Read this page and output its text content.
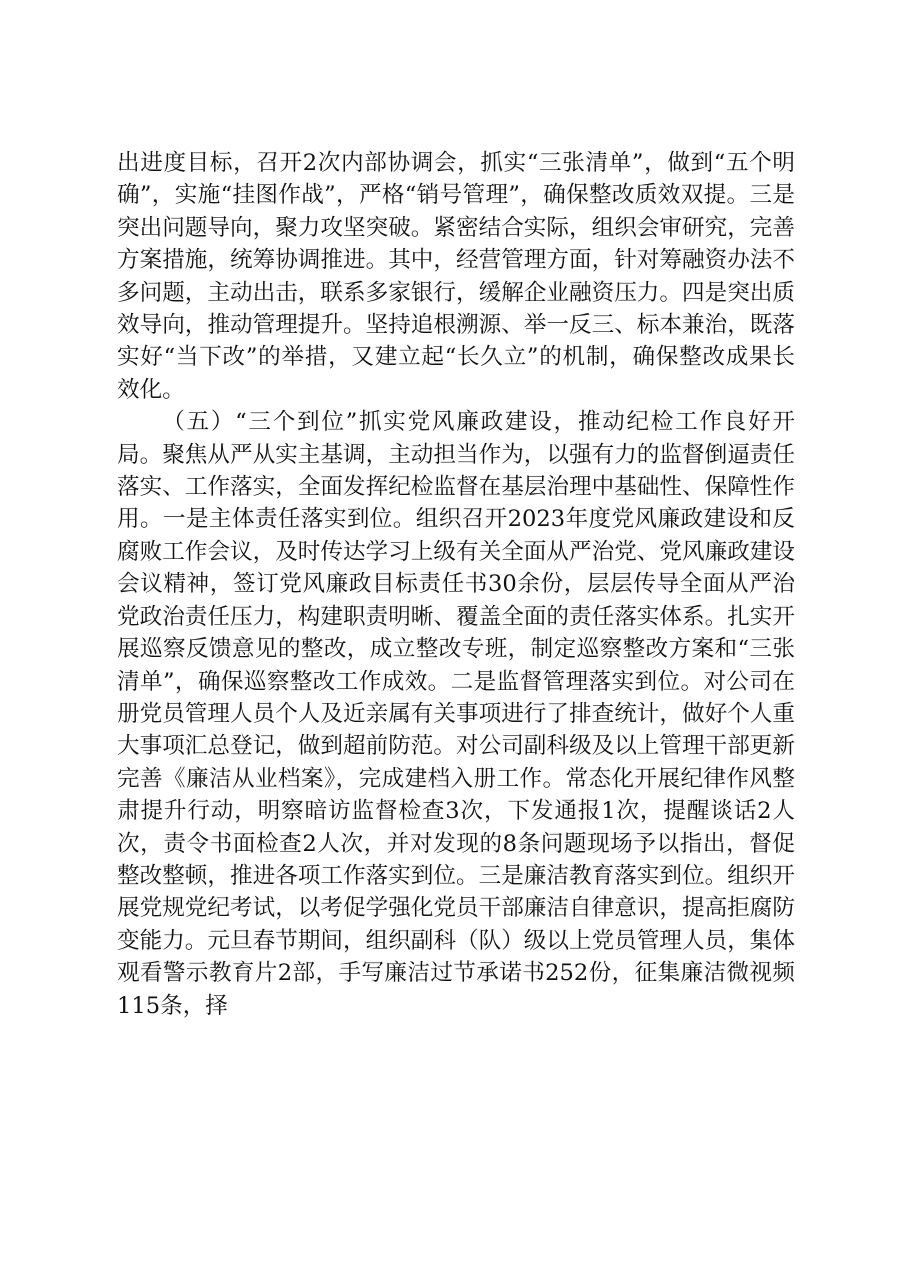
出进度目标，召开2次内部协调会，抓实“三张清单”，做到“五个明确”，实施“挂图作战”，严格“销号管理”，确保整改质效双提。三是突出问题导向，聚力攻坚突破。紧密结合实际，组织会审研究，完善方案措施，统筹协调推进。其中，经营管理方面，针对筹融资办法不多问题，主动出击，联系多家银行，缓解企业融资压力。四是突出质效导向，推动管理提升。坚持追根溯源、举一反三、标本兼治，既落实好“当下改”的举措，又建立起“长久立”的机制，确保整改成果长效化。

（五）“三个到位”抓实党风廉政建设，推动纪检工作良好开局。聚焦从严从实主基调，主动担当作为，以强有力的监督倒逼责任落实、工作落实，全面发挥纪检监督在基层治理中基础性、保障性作用。一是主体责任落实到位。组织召开2023年度党风廉政建设和反腐败工作会议，及时传达学习上级有关全面从严治党、党风廉政建设会议精神，签订党风廉政目标责任书30余份，层层传导全面从严治党政治责任压力，构建职责明晰、覆盖全面的责任落实体系。扎实开展巡察反馈意见的整改，成立整改专班，制定巡察整改方案和“三张清单”，确保巡察整改工作成效。二是监督管理落实到位。对公司在册党员管理人员个人及近亲属有关事项进行了排查统计，做好个人重大事项汇总登记，做到超前防范。对公司副科级及以上管理干部更新完善《廉洁从业档案》，完成建档入册工作。常态化开展纪律作风整肃提升行动，明察暗访监督检查3次，下发通报1次，提醒谈话2人次，责令书面检查2人次，并对发现的8条问题现场予以指出，督促整改整顿，推进各项工作落实到位。三是廉洁教育落实到位。组织开展党规党纪考试，以考促学强化党员干部廉洁自律意识，提高拒腐防变能力。元旦春节期间，组织副科（队）级以上党员管理人员，集体观看警示教育片2部，手写廉洁过节承诺书252份，征集廉洁微视频115条，择
